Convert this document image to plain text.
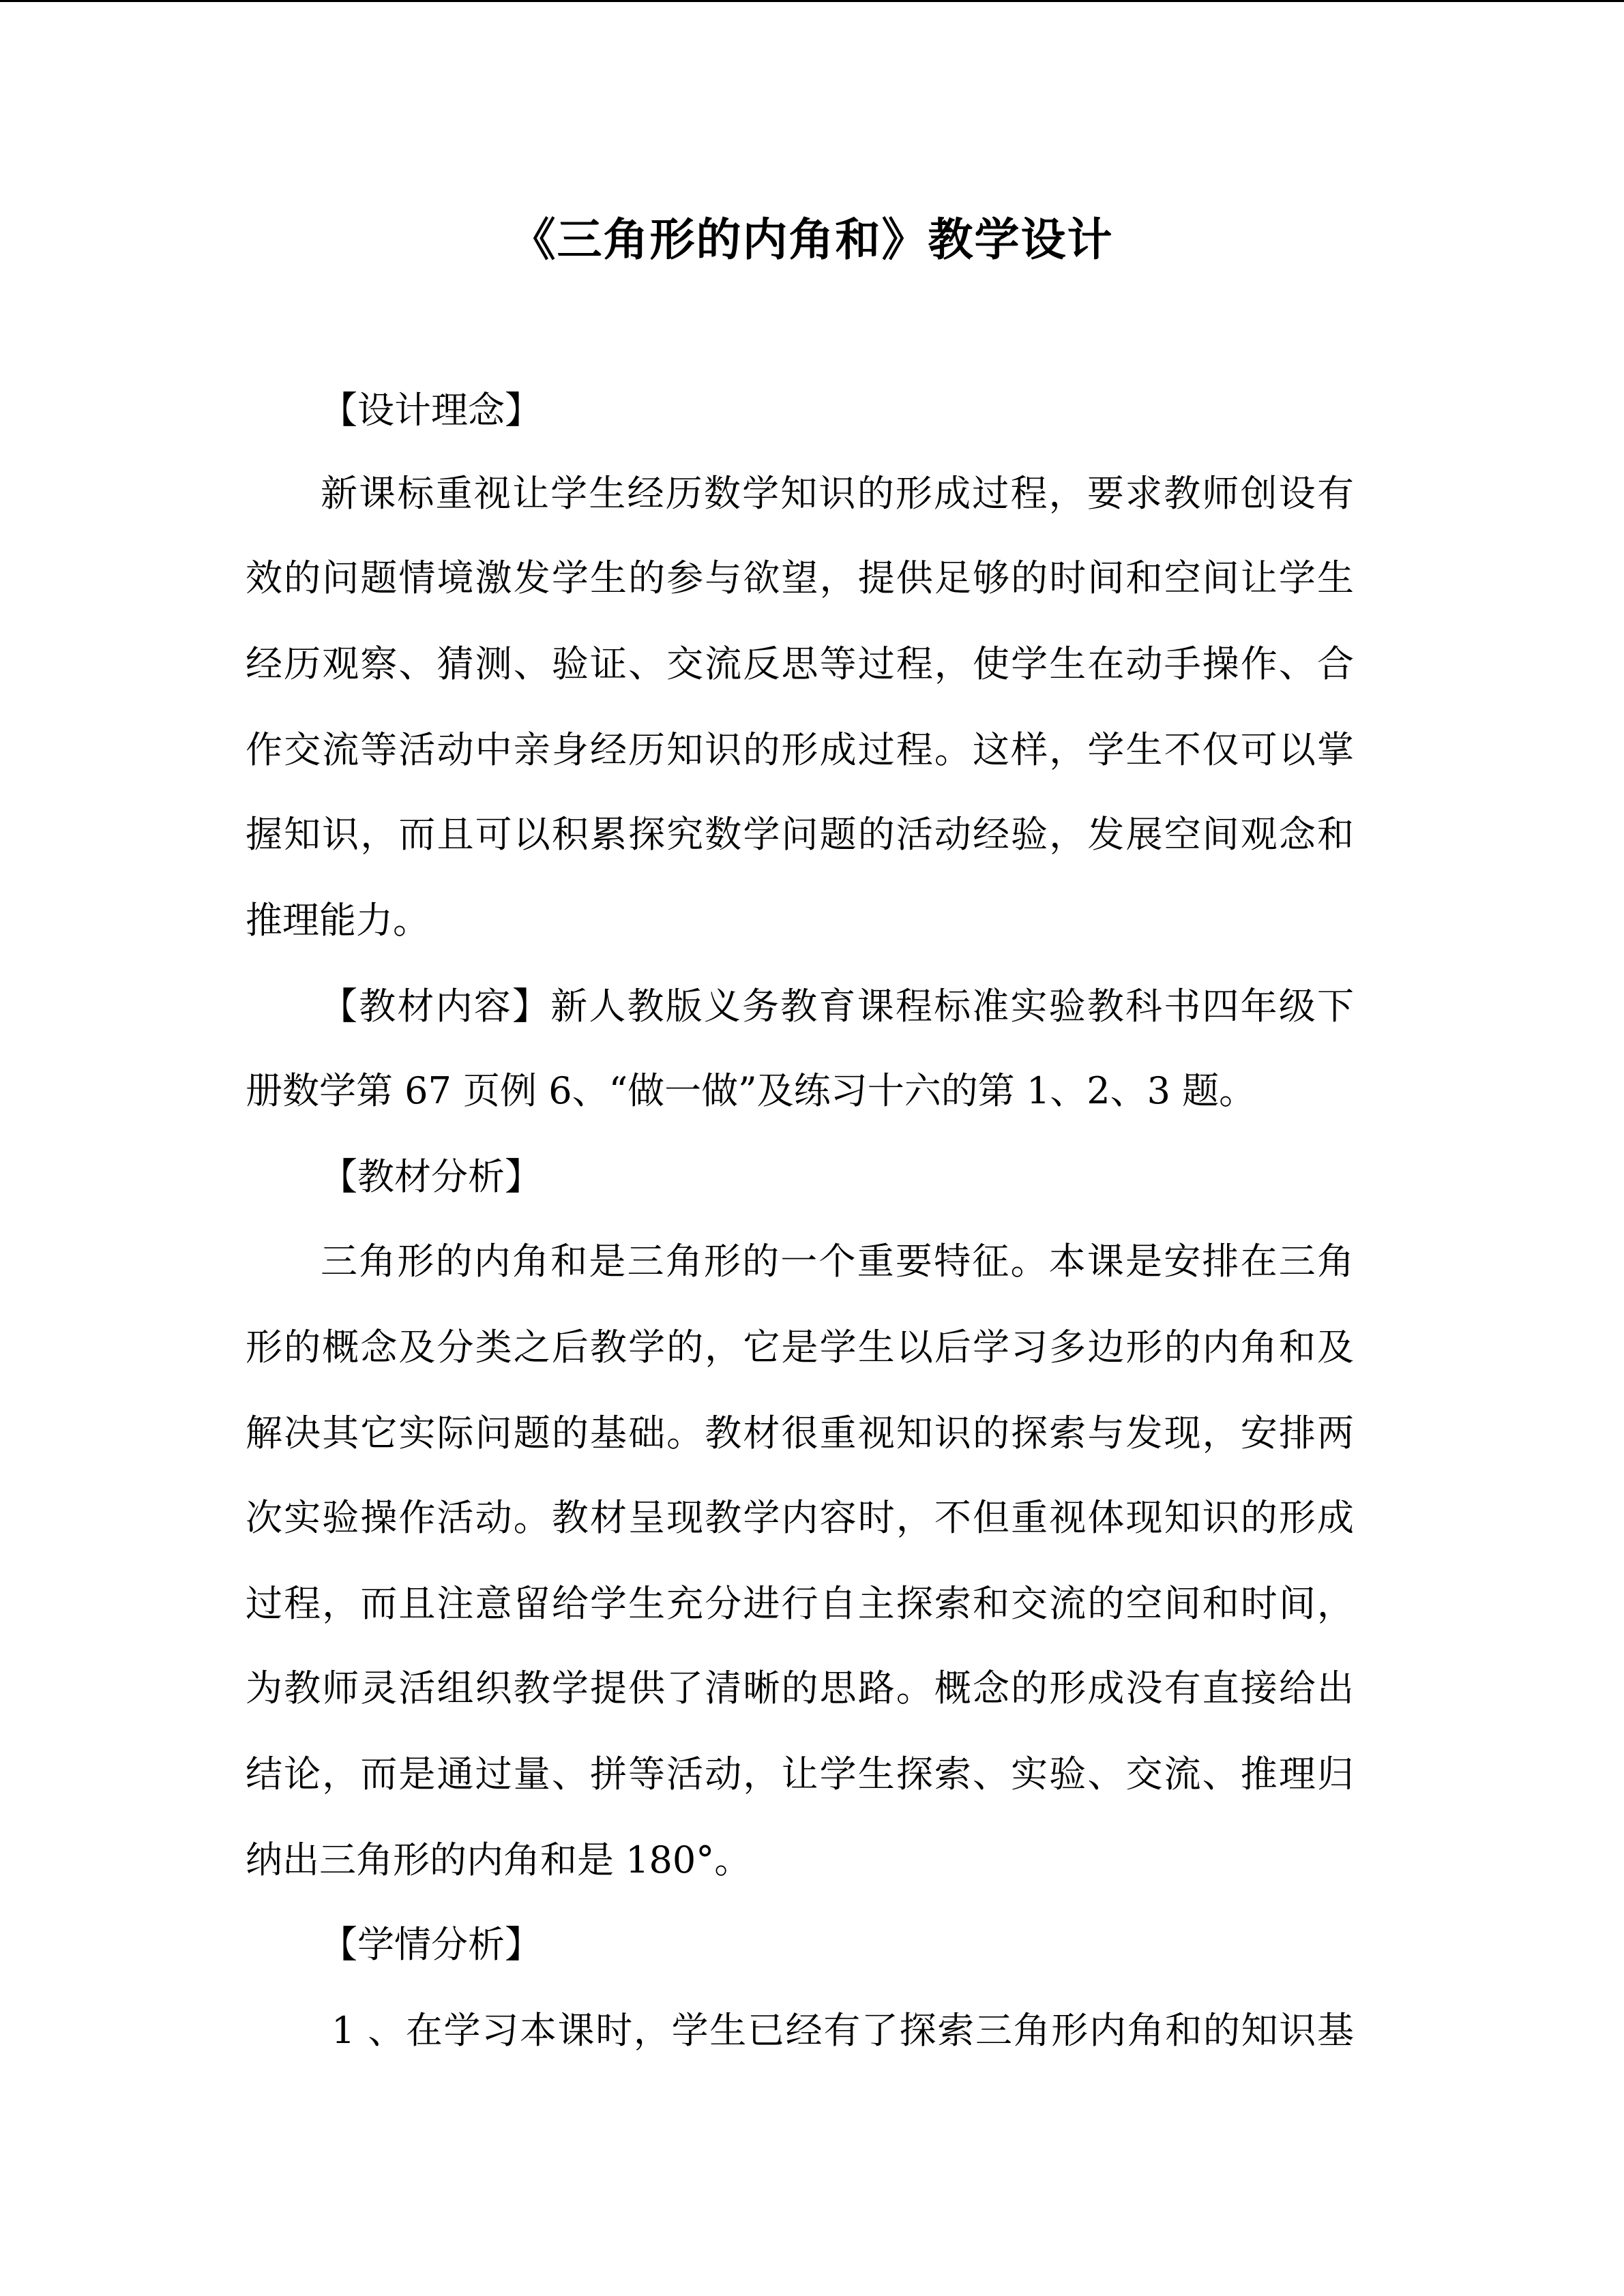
《三角形的内角和》教学设计
【设计理念】
新课标重视让学生经历数学知识的形成过程，要求教师创设有
效的问题情境激发学生的参与欲望，提供足够的时间和空间让学生
经历观察、猜测、验证、交流反思等过程，使学生在动手操作、合
作交流等活动中亲身经历知识的形成过程。这样，学生不仅可以掌
握知识，而且可以积累探究数学问题的活动经验，发展空间观念和
推理能力。
【教材内容】新人教版义务教育课程标准实验教科书四年级下
册数学第 67 页例 6、“做一做”及练习十六的第 1、2、3 题。
【教材分析】
三角形的内角和是三角形的一个重要特征。本课是安排在三角
形的概念及分类之后教学的，它是学生以后学习多边形的内角和及
解决其它实际问题的基础。教材很重视知识的探索与发现，安排两
次实验操作活动。教材呈现教学内容时，不但重视体现知识的形成
过程，而且注意留给学生充分进行自主探索和交流的空间和时间，
为教师灵活组织教学提供了清晰的思路。概念的形成没有直接给出
结论，而是通过量、拼等活动，让学生探索、实验、交流、推理归
纳出三角形的内角和是 180°。
【学情分析】
1 、在学习本课时，学生已经有了探索三角形内角和的知识基
